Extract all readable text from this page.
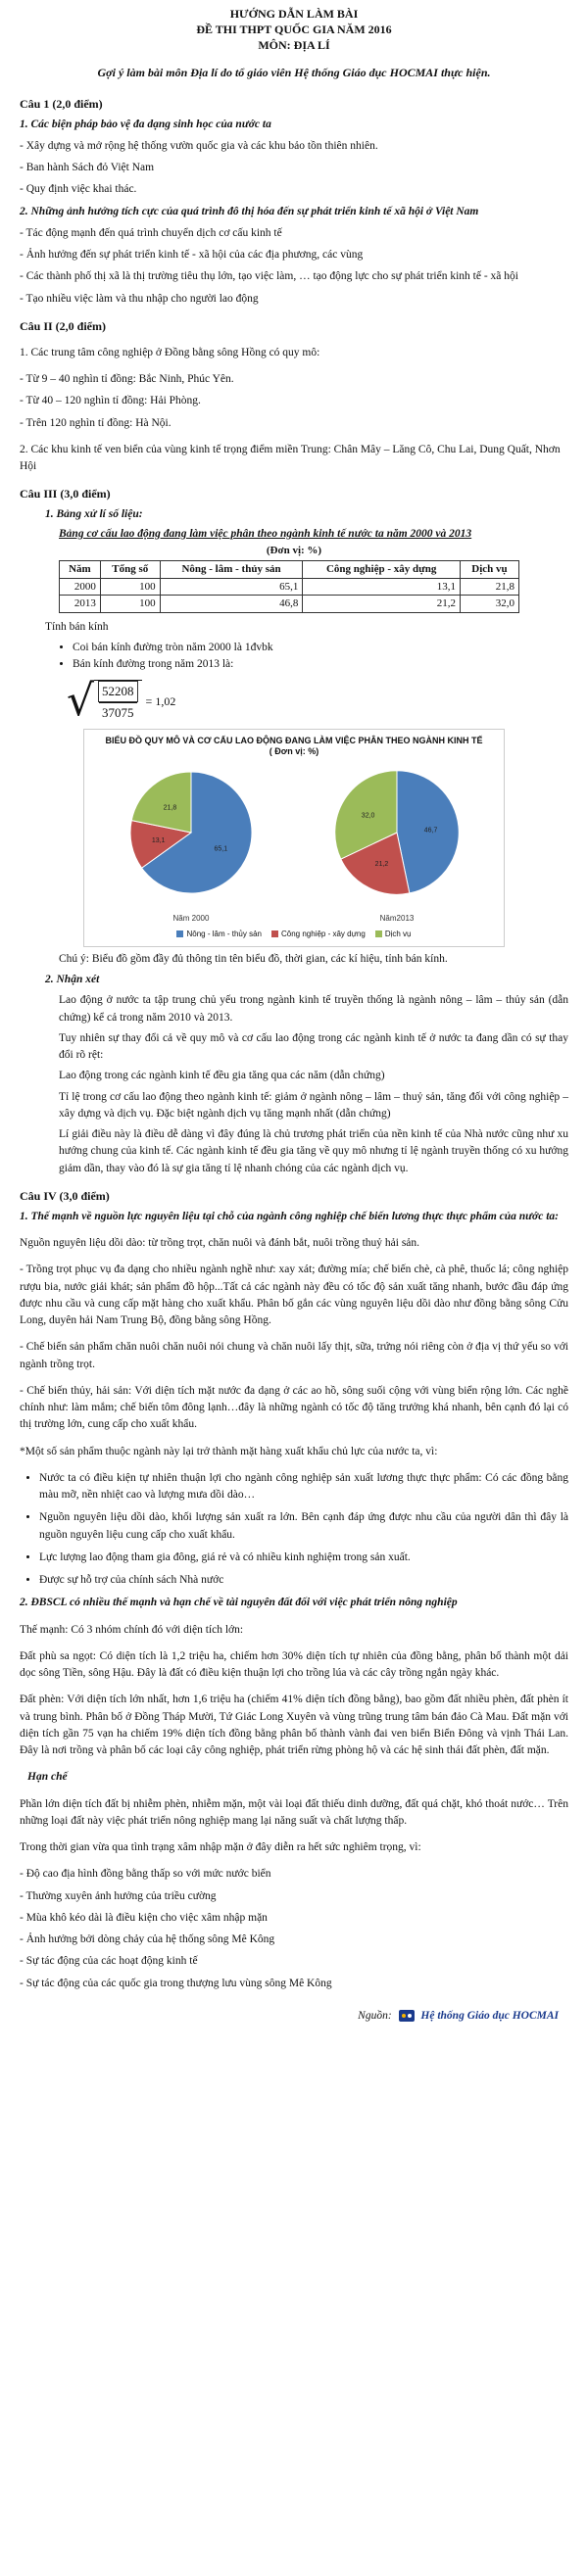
HƯỚNG DẪN LÀM BÀI
ĐỀ THI THPT QUỐC GIA NĂM 2016
MÔN: ĐỊA LÍ
Gợi ý làm bài môn Địa lí do tổ giáo viên Hệ thống Giáo dục HOCMAI thực hiện.
Câu 1 (2,0 điểm)
1. Các biện pháp bảo vệ đa dạng sinh học của nước ta
- Xây dựng và mở rộng hệ thống vườn quốc gia và các khu bảo tồn thiên nhiên.
- Ban hành Sách đỏ Việt Nam
- Quy định việc khai thác.
2. Những ảnh hưởng tích cực của quá trình đô thị hóa đến sự phát triển kinh tế xã hội ở Việt Nam
- Tác động mạnh đến quá trình chuyển dịch cơ cấu kinh tế
- Ảnh hưởng đến sự phát triển kinh tế - xã hội của các địa phương, các vùng
- Các thành phố thị xã là thị trường tiêu thụ lớn, tạo việc làm, … tạo động lực cho sự phát triển kinh tế - xã hội
- Tạo nhiều việc làm và thu nhập cho người lao động
Câu II (2,0 điểm)

1. Các trung tâm công nghiệp ở Đồng bằng sông Hồng có quy mô:

- Từ 9 – 40 nghìn tỉ đồng: Bắc Ninh, Phúc Yên.
- Từ 40 – 120 nghìn tỉ đồng: Hải Phòng.
- Trên 120 nghìn tỉ đồng: Hà Nội.

2. Các khu kinh tế ven biển của vùng kinh tế trọng điểm miền Trung: Chân Mây – Lăng Cô, Chu Lai, Dung Quất, Nhơn Hội

Câu III (3,0 điểm)
1. Bảng xử lí số liệu:
Bảng cơ cấu lao động đang làm việc phân theo ngành kinh tế nước ta năm 2000 và 2013
(Đơn vị: %)
Năm	Tổng số	Nông - lâm - thủy sản	Công nghiệp - xây dựng	Dịch vụ
2000	100	65,1	13,1	21,8
2013	100	46,8	21,2	32,0

Tính bán kính

• Coi bán kính đường tròn năm 2000 là 1đvbk
• Bán kính đường trong năm 2013 là:
√ $\frac{52208}{37075} = 1,02$
BIỂU ĐỒ QUY MÔ VÀ CƠ CẤU LAO ĐỘNG ĐANG LÀM VIỆC PHÂN THEO NGÀNH KINH TẾ
( Đơn vị: %)
65,1
13,1
21,8
Năm 2000
46,7
21,2
32,0
Năm2013
Nông - lâm - thủy sản	Công nghiệp - xây dựng	Dịch vụ

Chú ý: Biểu đồ gồm đầy đủ thông tin tên biểu đồ, thời gian, các kí hiệu, tỉnh bán kính.

2. Nhận xét

Lao động ở nước ta tập trung chủ yếu trong ngành kinh tế truyền thống là ngành nông – lâm – thủy sản (dẫn chứng) kể cả trong năm 2010 và 2013.

Tuy nhiên sự thay đổi cả về quy mô và cơ cấu lao động trong các ngành kinh tế ở nước ta đang dần có sự thay đổi rõ rệt:

Lao động trong các ngành kinh tế đều gia tăng qua các năm (dẫn chứng)

Tỉ lệ trong cơ cấu lao động theo ngành kinh tế: giảm ở ngành nông – lâm – thuỷ sản, tăng đối với công nghiệp – xây dựng và dịch vụ. Đặc biệt ngành dịch vụ tăng mạnh nhất (dẫn chứng)

Lí giải điều này là điều dễ dàng vì đây đúng là chủ trương phát triển của nền kinh tế của Nhà nước cũng như xu hướng chung của kinh tế. Các ngành kinh tế đều gia tăng về quy mô nhưng tỉ lệ ngành truyền thống có xu hướng giảm dần, thay vào đó là sự gia tăng tỉ lệ nhanh chóng của các ngành dịch vụ.

Câu IV (3,0 điểm)
1. Thế mạnh về nguồn lực nguyên liệu tại chỗ của ngành công nghiệp chế biến lương thực thực phẩm của nước ta:

Nguồn nguyên liệu dồi dào: từ trồng trọt, chăn nuôi và đánh bắt, nuôi trồng thuỷ hải sản.

- Trồng trọt phục vụ đa dạng cho nhiều ngành nghề như: xay xát; đường mía; chế biến chè, cà phê, thuốc lá; công nghiệp rượu bia, nước giải khát; sản phẩm đồ hộp...Tất cả các ngành này đều có tốc độ sản xuất tăng nhanh, bước đầu đáp ứng được nhu cầu và cung cấp mặt hàng cho xuất khẩu. Phân bố gắn các vùng nguyên liệu dồi dào như đồng bằng sông Cửu Long, duyên hải Nam Trung Bộ, đồng bằng sông Hồng.

- Chế biến sản phẩm chăn nuôi chăn nuôi nói chung và chăn nuôi lấy thịt, sữa, trứng nói riêng còn ở địa vị thứ yếu so với ngành trồng trọt.

- Chế biến thủy, hải sản: Với diện tích mặt nước đa dạng ở các ao hồ, sông suối cộng với vùng biển rộng lớn. Các nghề chính như: làm mắm; chế biến tôm đông lạnh…đây là những ngành có tốc độ tăng trưởng khá nhanh, bên cạnh đó lại có thị trường lớn, cung cấp cho xuất khẩu.

*Một số sản phẩm thuộc ngành này lại trở thành mặt hàng xuất khẩu chủ lực của nước ta, vì:

• Nước ta có điều kiện tự nhiên thuận lợi cho ngành công nghiệp sản xuất lương thực thực phẩm: Có các đồng bằng màu mỡ, nền nhiệt cao và lượng mưa dồi dào…
• Nguồn nguyên liệu dồi dào, khối lượng sản xuất ra lớn. Bên cạnh đáp ứng được nhu cầu của người dân thì đây là nguồn nguyên liệu cung cấp cho xuất khẩu.
• Lực lượng lao động tham gia đông, giá rẻ và có nhiều kinh nghiệm trong sản xuất.
• Được sự hỗ trợ của chính sách Nhà nước
2. ĐBSCL có nhiều thế mạnh và hạn chế về tài nguyên đất đối với việc phát triển nông nghiệp

Thế mạnh: Có 3 nhóm chính đó với diện tích lớn:

Đất phù sa ngọt: Có diện tích là 1,2 triệu ha, chiếm hơn 30% diện tích tự nhiên của đồng bằng, phân bố thành một dải dọc sông Tiền, sông Hậu. Đây là đất có điều kiện thuận lợi cho trồng lúa và các cây trồng ngắn ngày khác.

Đất phèn: Với diện tích lớn nhất, hơn 1,6 triệu ha (chiếm 41% diện tích đồng bằng), bao gồm đất nhiều phèn, đất phèn ít và trung bình. Phân bố ở Đồng Tháp Mười, Tứ Giác Long Xuyên và vùng trũng trung tâm bán đảo Cà Mau. Đất mặn với diện tích gần 75 vạn ha chiếm 19% diện tích đồng bằng phân bố thành vành đai ven biển Biển Đông và vịnh Thái Lan. Đây là nơi trồng và phân bố các loại cây công nghiệp, phát triển rừng phòng hộ và các hệ sinh thái đất phèn, đất mặn.

Hạn chế

Phần lớn diện tích đất bị nhiễm phèn, nhiễm mặn, một vài loại đất thiếu dinh dưỡng, đất quá chặt, khó thoát nước… Trên những loại đất này việc phát triển nông nghiệp mang lại năng suất và chất lượng thấp.

Trong thời gian vừa qua tình trạng xâm nhập mặn ở đây diễn ra hết sức nghiêm trọng, vì:

- Độ cao địa hình đồng bằng thấp so với mức nước biển
- Thường xuyên ảnh hưởng của triều cường
- Mùa khô kéo dài là điều kiện cho việc xâm nhập mặn
- Ảnh hưởng bởi dòng chảy của hệ thống sông Mê Kông
- Sự tác động của các hoạt động kinh tế
- Sự tác động của các quốc gia trong thượng lưu vùng sông Mê Kông
Nguồn:	Hệ thống Giáo dục HOCMAI
